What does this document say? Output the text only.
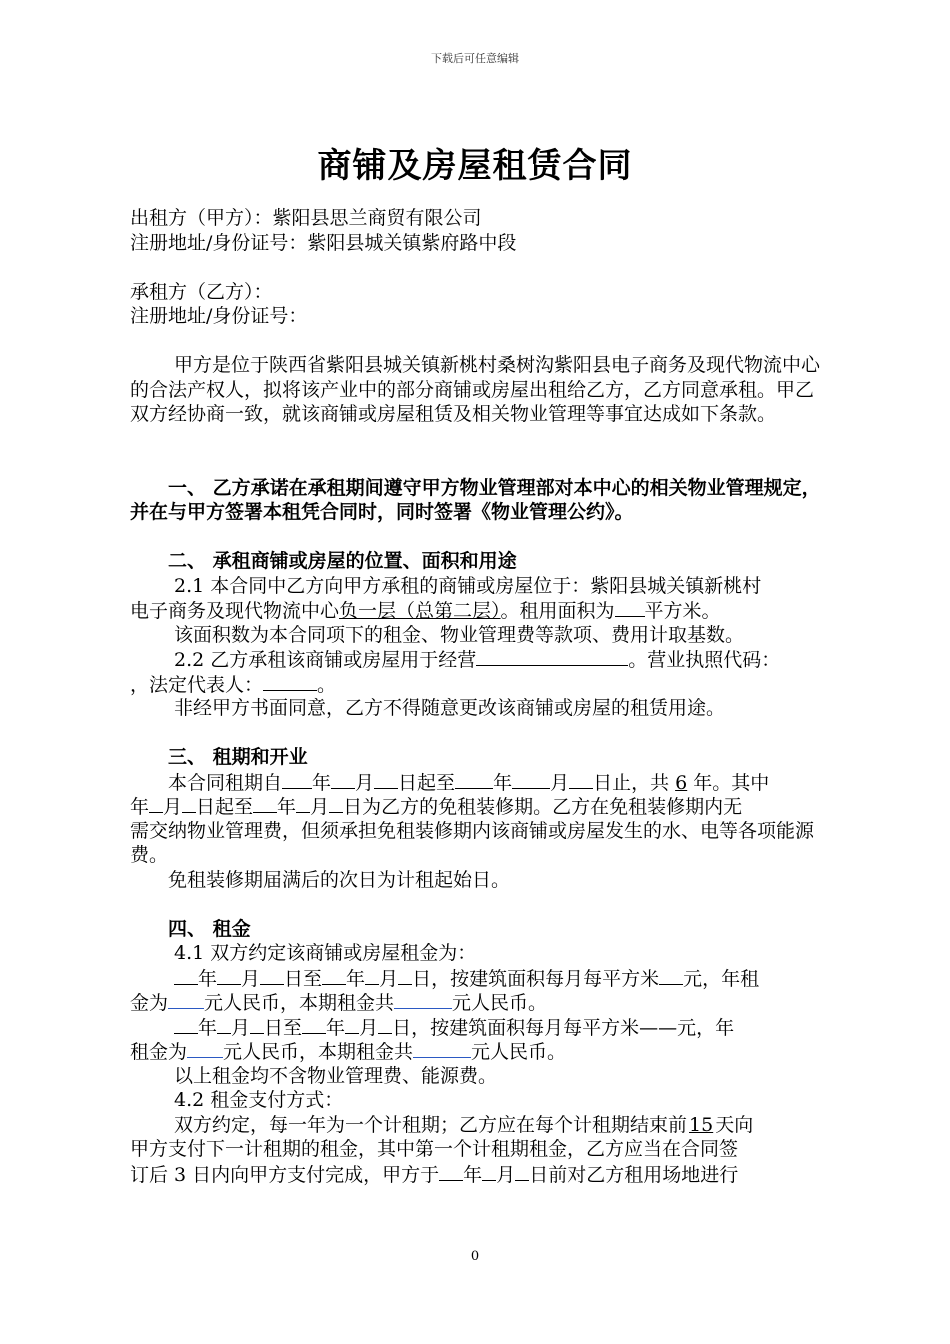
下载后可任意编辑
商铺及房屋租赁合同
出租方（甲方）：紫阳县思兰商贸有限公司
注册地址/身份证号：紫阳县城关镇紫府路中段
承租方（乙方）：
注册地址/身份证号：
甲方是位于陕西省紫阳县城关镇新桃村桑树沟紫阳县电子商务及现代物流中心的合法产权人，拟将该产业中的部分商铺或房屋出租给乙方，乙方同意承租。甲乙双方经协商一致，就该商铺或房屋租赁及相关物业管理等事宜达成如下条款。
一、 乙方承诺在承租期间遵守甲方物业管理部对本中心的相关物业管理规定，并在与甲方签署本租凭合同时，同时签署《物业管理公约》。
二、 承租商铺或房屋的位置、面积和用途
2.1 本合同中乙方向甲方承租的商铺或房屋位于：紫阳县城关镇新桃村
电子商务及现代物流中心负一层（总第二层）。租用面积为 平方米。
该面积数为本合同项下的租金、物业管理费等款项、费用计取基数。
2.2 乙方承租该商铺或房屋用于经营	。营业执照代码：
，法定代表人：	。
非经甲方书面同意，乙方不得随意更改该商铺或房屋的租赁用途。
三、 租期和开业
本合同租期自 年 月 日起至 年 月 日止，共 6 年。其中
年 月 日起至 年 月 日为乙方的免租装修期。乙方在免租装修期内无
需交纳物业管理费，但须承担免租装修期内该商铺或房屋发生的水、电等各项能源费。
免租装修期届满后的次日为计租起始日。
四、 租金
4.1 双方约定该商铺或房屋租金为：
年 月 日至 年 月 日，按建筑面积每月每平方米 元，年租
金为 元人民币，本期租金共	元人民币。
年 月 日至 年 月 日，按建筑面积每月每平方米——元，年
租金为 元人民币，本期租金共	元人民币。
以上租金均不含物业管理费、能源费。
4.2 租金支付方式：
双方约定，每一年为一个计租期；乙方应在每个计租期结束前 15 天向
甲方支付下一计租期的租金，其中第一个计租期租金，乙方应当在合同签
订后 3 日内向甲方支付完成，甲方于 年 月 日前对乙方租用场地进行
0
